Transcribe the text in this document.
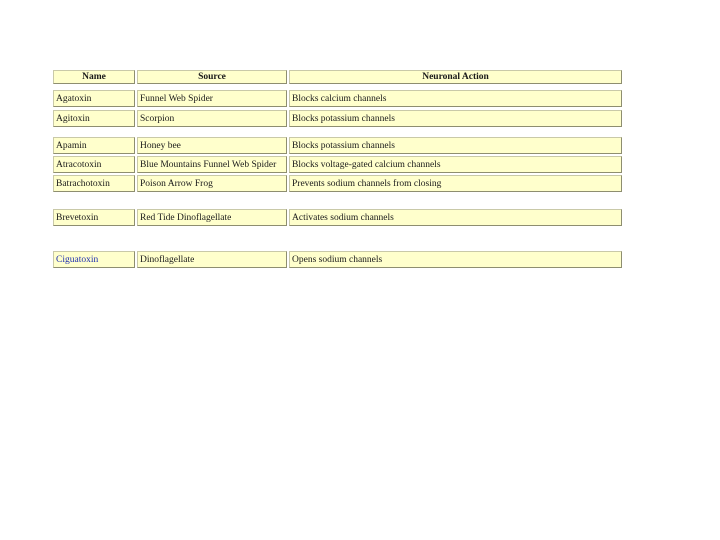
Name	Source	Neuronal Action
Agatoxin	Funnel Web Spider	Blocks calcium channels
Agitoxin	Scorpion	Blocks potassium channels
Apamin	Honey bee	Blocks potassium channels
Atracotoxin	Blue Mountains Funnel Web Spider	Blocks voltage-gated calcium channels
Batrachotoxin	Poison Arrow Frog	Prevents sodium channels from closing
Brevetoxin	Red Tide Dinoflagellate	Activates sodium channels
Ciguatoxin	Dinoflagellate	Opens sodium channels
